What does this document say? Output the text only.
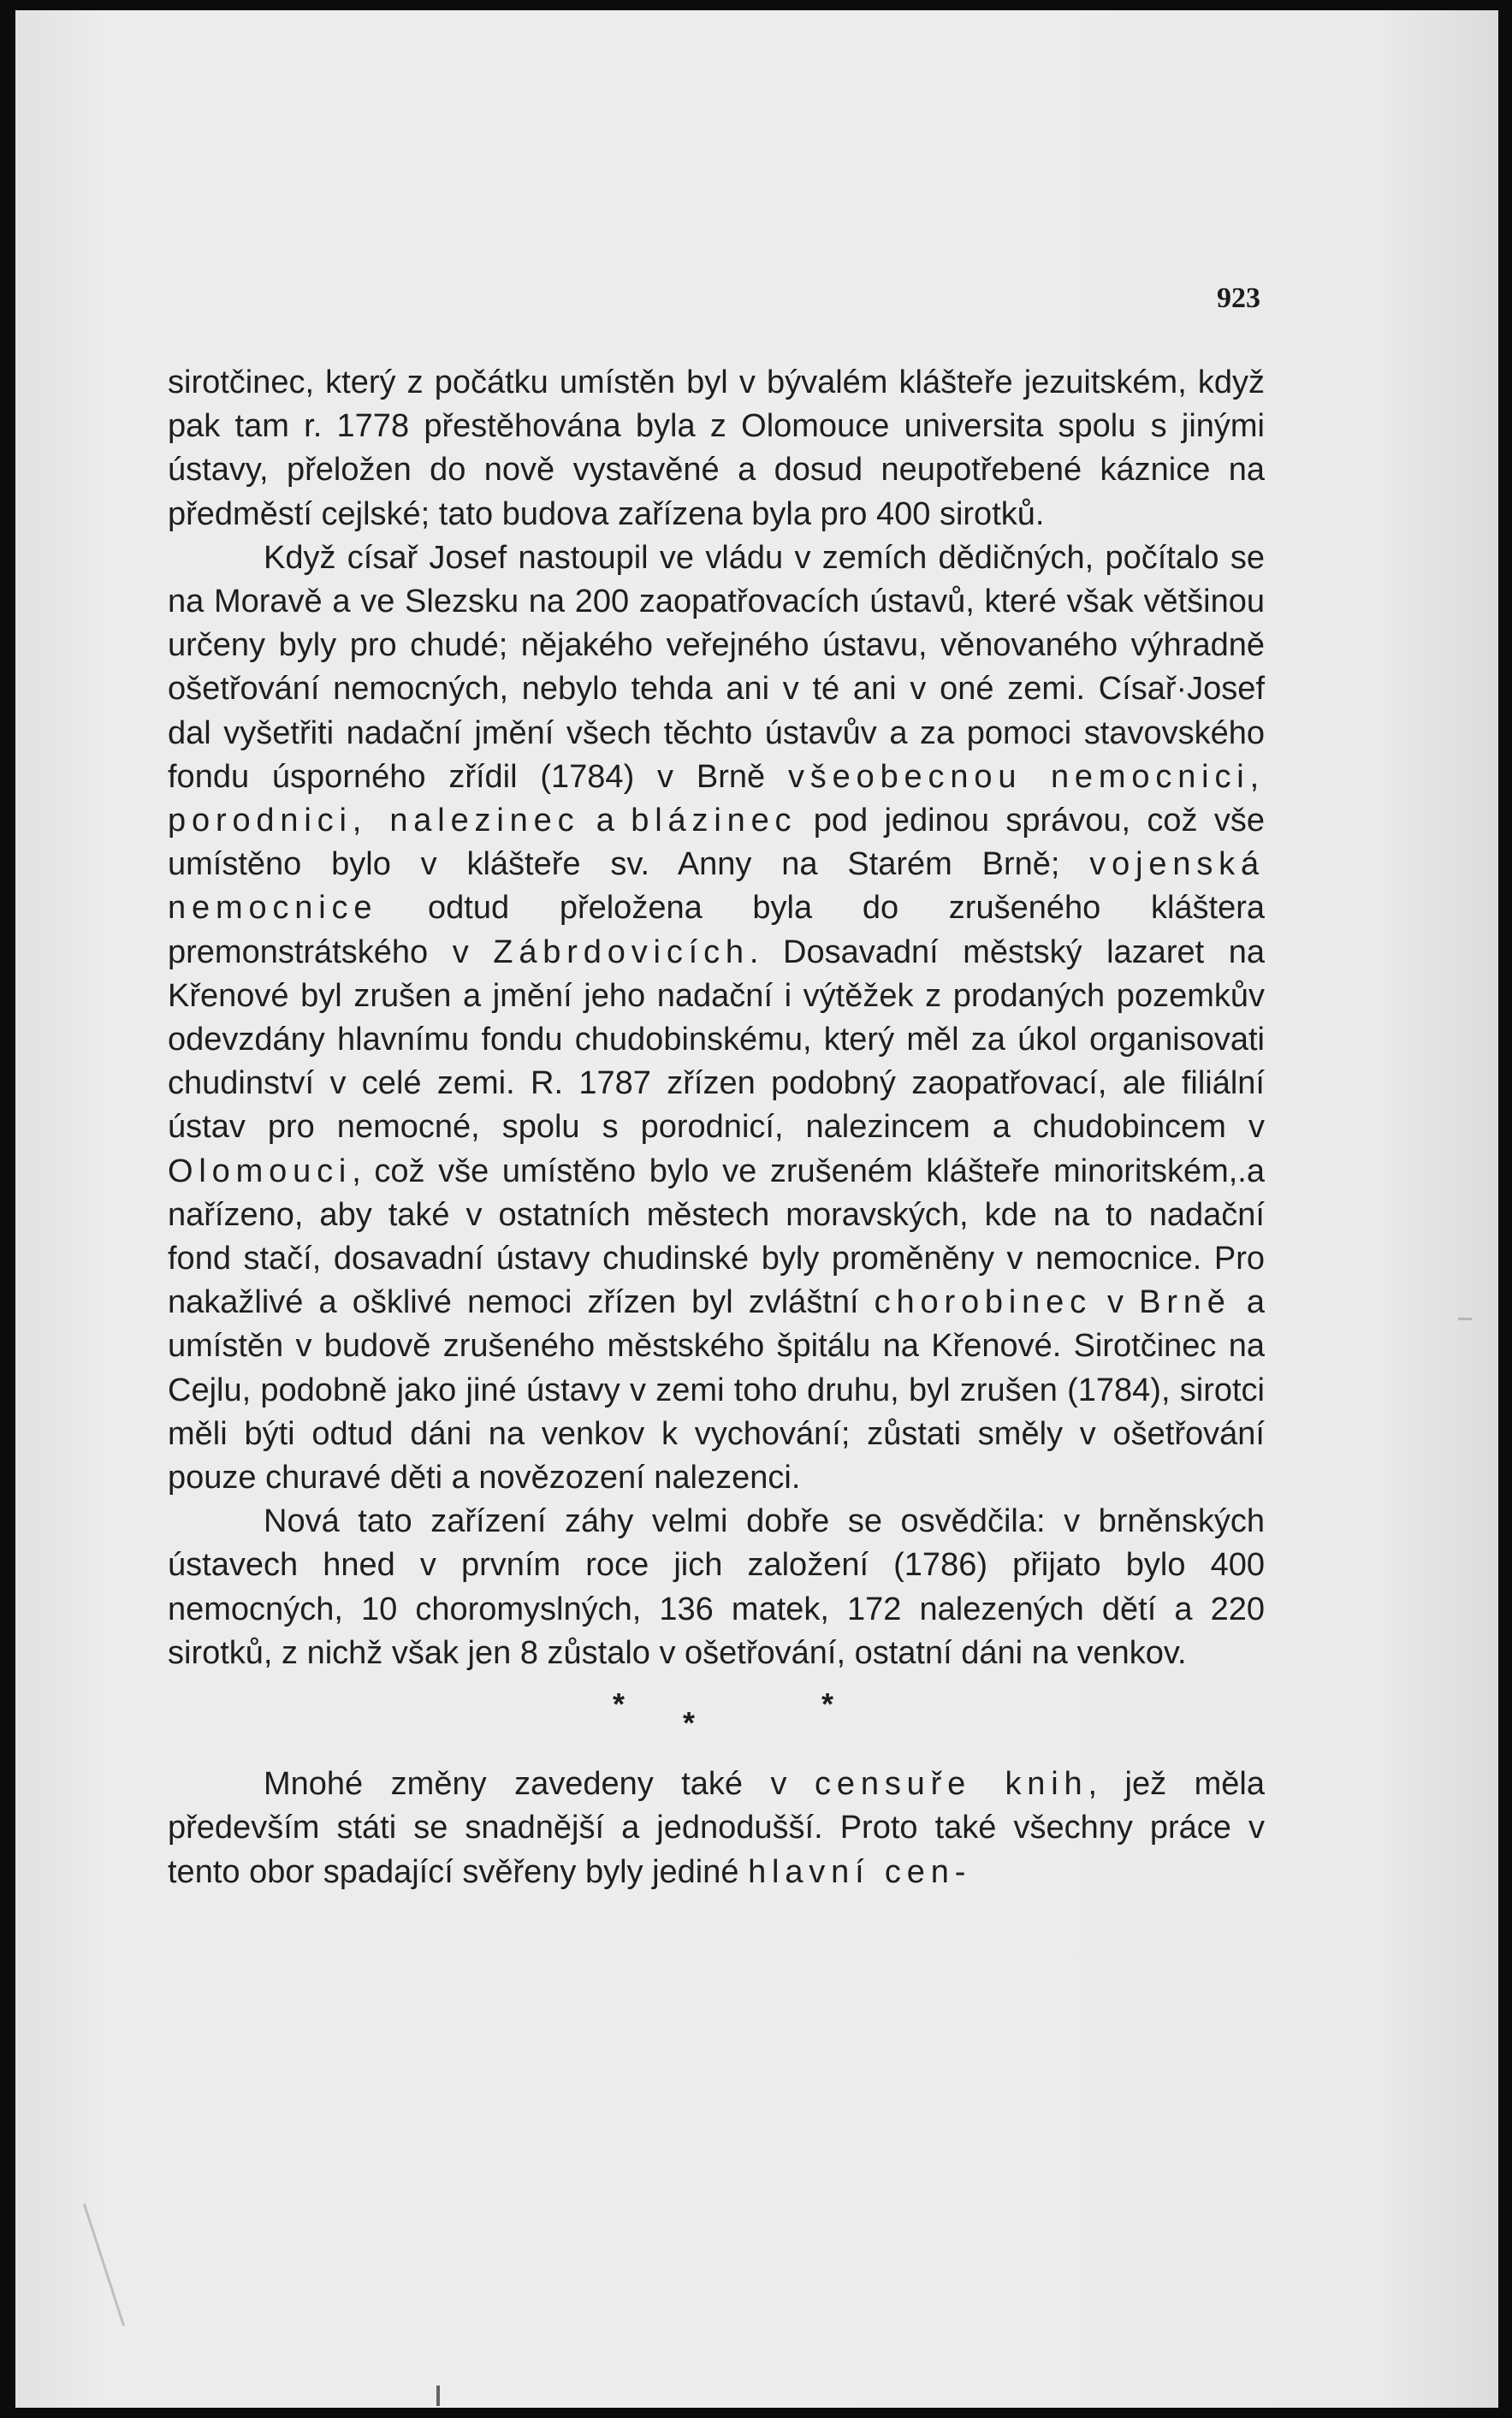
923

sirotčinec, který z počátku umístěn byl v bývalém klášteře jezuitském, když pak tam r. 1778 přestěhována byla z Olomouce universita spolu s jinými ústavy, přeložen do nově vystavěné a dosud neupotřebené káznice na předměstí cejlské; tato budova zařízena byla pro 400 sirotků.

Když císař Josef nastoupil ve vládu v zemích dědičných, počítalo se na Moravě a ve Slezsku na 200 zaopatřovacích ústavů, které však většinou určeny byly pro chudé; nějakého veřejného ústavu, věnovaného výhradně ošetřování nemocných, nebylo tehda ani v té ani v oné zemi. Císař·Josef dal vyšetřiti nadační jmění všech těchto ústavův a za pomoci stavovského fondu úsporného zřídil (1784) v Brně všeobecnou nemocnici, porodnici, nalezinec a blázinec pod jedinou správou, což vše umístěno bylo v klášteře sv. Anny na Starém Brně; vojenská nemocnice odtud přeložena byla do zrušeného kláštera premonstrátského v Zábrdovicích. Dosavadní městský lazaret na Křenové byl zrušen a jmění jeho nadační i výtěžek z prodaných pozemkův odevzdány hlavnímu fondu chudobinskému, který měl za úkol organisovati chudinství v celé zemi. R. 1787 zřízen podobný zaopatřovací, ale filiální ústav pro nemocné, spolu s porodnicí, nalezincem a chudobincem v Olomouci, což vše umístěno bylo ve zrušeném klášteře minoritském,.a nařízeno, aby také v ostatních městech moravských, kde na to nadační fond stačí, dosavadní ústavy chudinské byly proměněny v nemocnice. Pro nakažlivé a ošklivé nemoci zřízen byl zvláštní chorobinec v Brně a umístěn v budově zrušeného městského špitálu na Křenové. Sirotčinec na Cejlu, podobně jako jiné ústavy v zemi toho druhu, byl zrušen (1784), sirotci měli býti odtud dáni na venkov k vychování; zůstati směly v ošetřování pouze churavé děti a novězození nalezenci.

Nová tato zařízení záhy velmi dobře se osvědčila: v brněnských ústavech hned v prvním roce jich založení (1786) přijato bylo 400 nemocných, 10 choromyslných, 136 matek, 172 nalezených dětí a 220 sirotků, z nichž však jen 8 zůstalo v ošetřování, ostatní dáni na venkov.

*
*
*

Mnohé změny zavedeny také v censuře knih, jež měla především státi se snadnější a jednodušší. Proto také všechny práce v tento obor spadající svěřeny byly jediné hlavní cen-
